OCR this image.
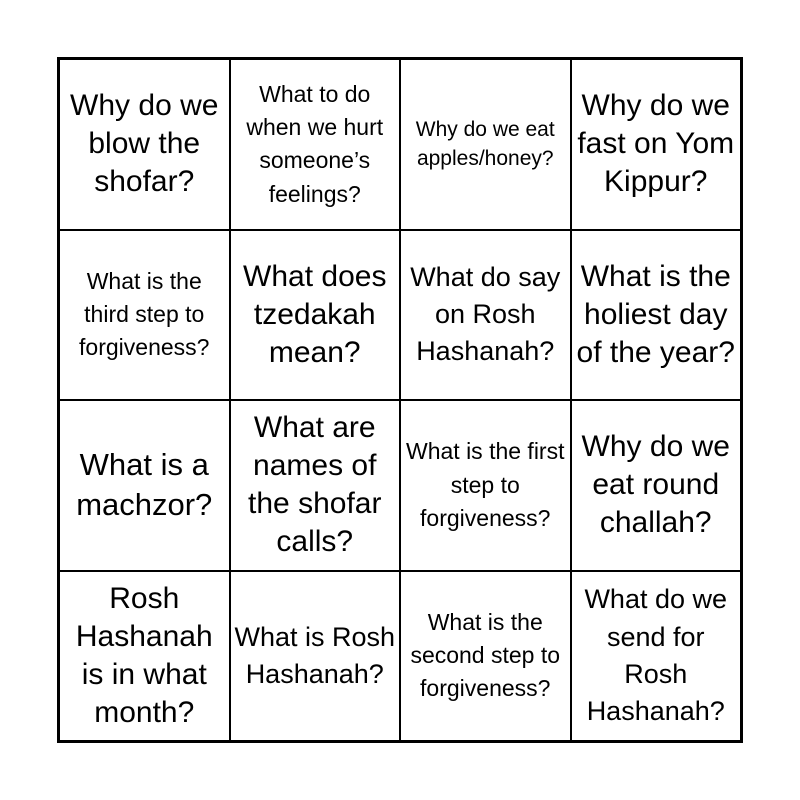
Why do we blow the shofar?
What to do when we hurt someone’s feelings?
Why do we eat apples/honey?
Why do we fast on Yom Kippur?
What is the third step to forgiveness?
What does tzedakah mean?
What do say on Rosh Hashanah?
What is the holiest day of the year?
What is a machzor?
What are names of the shofar calls?
What is the first step to forgiveness?
Why do we eat round challah?
Rosh Hashanah is in what month?
What is Rosh Hashanah?
What is the second step to forgiveness?
What do we send for Rosh Hashanah?
